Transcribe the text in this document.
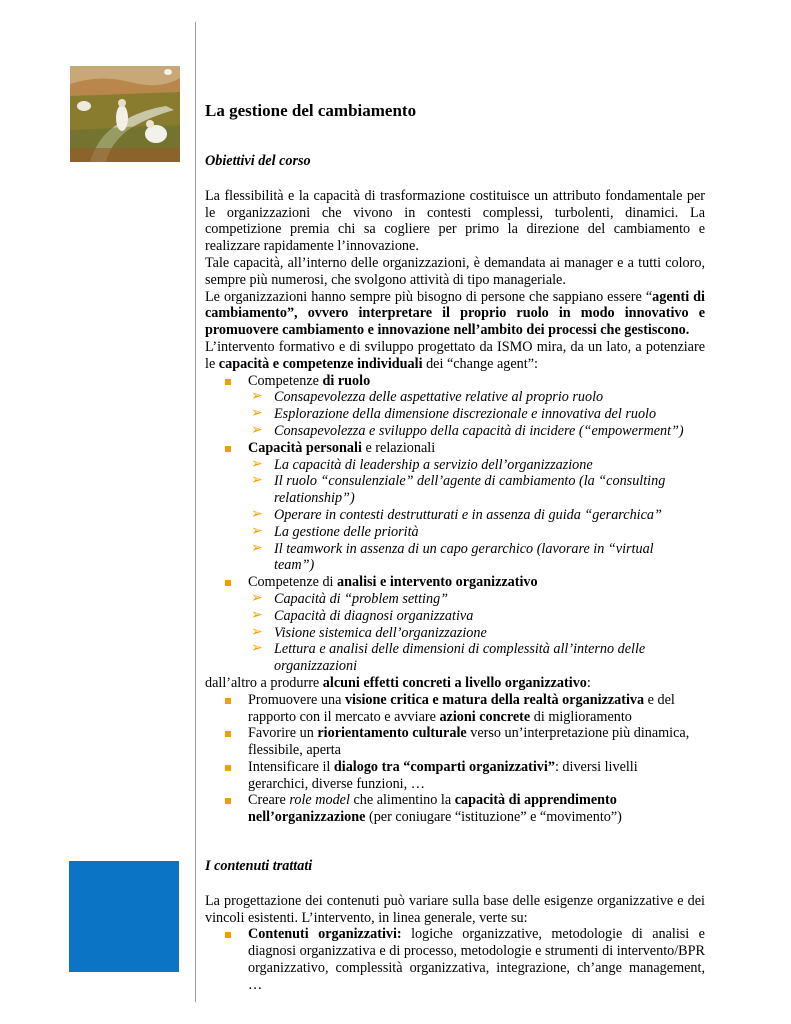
La gestione del cambiamento
Obiettivi del corso

La flessibilità e la capacità di trasformazione costituisce un attributo fondamentale per le organizzazioni che vivono in contesti complessi, turbolenti, dinamici. La competizione premia chi sa cogliere per primo la direzione del cambiamento e realizzare rapidamente l’innovazione.

Tale capacità, all’interno delle organizzazioni, è demandata ai manager e a tutti coloro, sempre più numerosi, che svolgono attività di tipo manageriale.

Le organizzazioni hanno sempre più bisogno di persone che sappiano essere “agenti di cambiamento”, ovvero interpretare il proprio ruolo in modo innovativo e promuovere cambiamento e innovazione nell’ambito dei processi che gestiscono.

L’intervento formativo e di sviluppo progettato da ISMO mira, da un lato, a potenziare le capacità e competenze individuali dei “change agent”:

Competenze di ruolo
➢ Consapevolezza delle aspettative relative al proprio ruolo
➢ Esplorazione della dimensione discrezionale e innovativa del ruolo
➢ Consapevolezza e sviluppo della capacità di incidere (“empowerment”)
Capacità personali e relazionali
➢ La capacità di leadership a servizio dell’organizzazione
➢ Il ruolo “consulenziale” dell’agente di cambiamento (la “consulting relationship”)
➢ Operare in contesti destrutturati e in assenza di guida “gerarchica”
➢ La gestione delle priorità
➢ Il teamwork in assenza di un capo gerarchico (lavorare in “virtual team”)
Competenze di analisi e intervento organizzativo
➢ Capacità di “problem setting”
➢ Capacità di diagnosi organizzativa
➢ Visione sistemica dell’organizzazione
➢ Lettura e analisi delle dimensioni di complessità all’interno delle organizzazioni

dall’altro a produrre alcuni effetti concreti a livello organizzativo:

Promuovere una visione critica e matura della realtà organizzativa e del rapporto con il mercato e avviare azioni concrete di miglioramento
Favorire un riorientamento culturale verso un’interpretazione più dinamica, flessibile, aperta
Intensificare il dialogo tra “comparti organizzativi”: diversi livelli gerarchici, diverse funzioni, …
Creare role model che alimentino la capacità di apprendimento nell’organizzazione (per coniugare “istituzione” e “movimento”)
I contenuti trattati

La progettazione dei contenuti può variare sulla base delle esigenze organizzative e dei vincoli esistenti. L’intervento, in linea generale, verte su:

Contenuti organizzativi: logiche organizzative, metodologie di analisi e diagnosi organizzativa e di processo, metodologie e strumenti di intervento/BPR organizzativo, complessità organizzativa, integrazione, ch’ange management, …
